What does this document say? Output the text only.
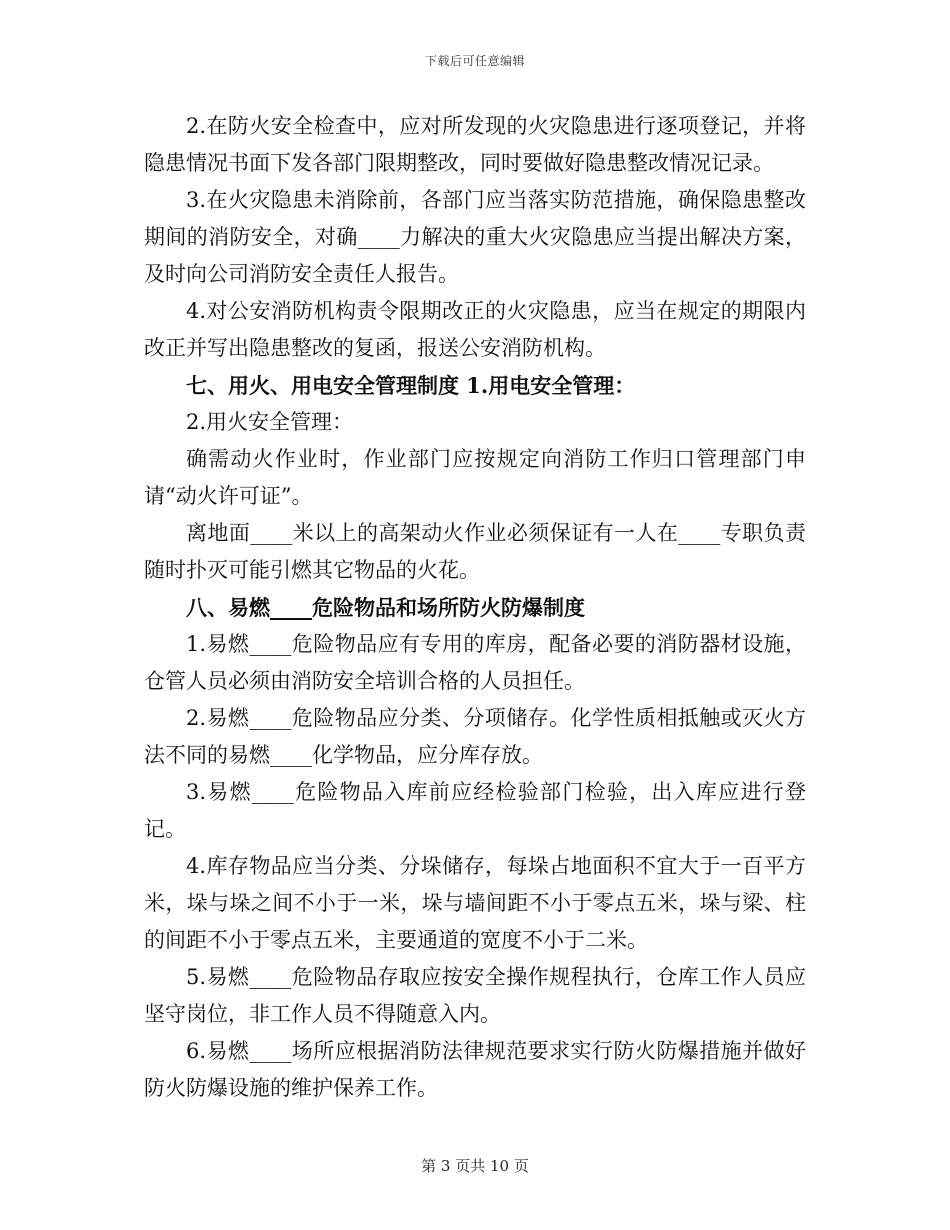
下载后可任意编辑

2.在防火安全检查中，应对所发现的火灾隐患进行逐项登记，并将隐患情况书面下发各部门限期整改，同时要做好隐患整改情况记录。

3.在火灾隐患未消除前，各部门应当落实防范措施，确保隐患整改期间的消防安全，对确____力解决的重大火灾隐患应当提出解决方案，及时向公司消防安全责任人报告。

4.对公安消防机构责令限期改正的火灾隐患，应当在规定的期限内改正并写出隐患整改的复函，报送公安消防机构。

七、用火、用电安全管理制度 1.用电安全管理：

2.用火安全管理：

确需动火作业时，作业部门应按规定向消防工作归口管理部门申请“动火许可证”。

离地面____米以上的高架动火作业必须保证有一人在____专职负责随时扑灭可能引燃其它物品的火花。

八、易燃____危险物品和场所防火防爆制度

1.易燃____危险物品应有专用的库房，配备必要的消防器材设施，仓管人员必须由消防安全培训合格的人员担任。

2.易燃____危险物品应分类、分项储存。化学性质相抵触或灭火方法不同的易燃____化学物品，应分库存放。

3.易燃____危险物品入库前应经检验部门检验，出入库应进行登记。

4.库存物品应当分类、分垛储存，每垛占地面积不宜大于一百平方米，垛与垛之间不小于一米，垛与墙间距不小于零点五米，垛与梁、柱的间距不小于零点五米，主要通道的宽度不小于二米。

5.易燃____危险物品存取应按安全操作规程执行，仓库工作人员应坚守岗位，非工作人员不得随意入内。

6.易燃____场所应根据消防法律规范要求实行防火防爆措施并做好防火防爆设施的维护保养工作。

第 3 页共 10 页
